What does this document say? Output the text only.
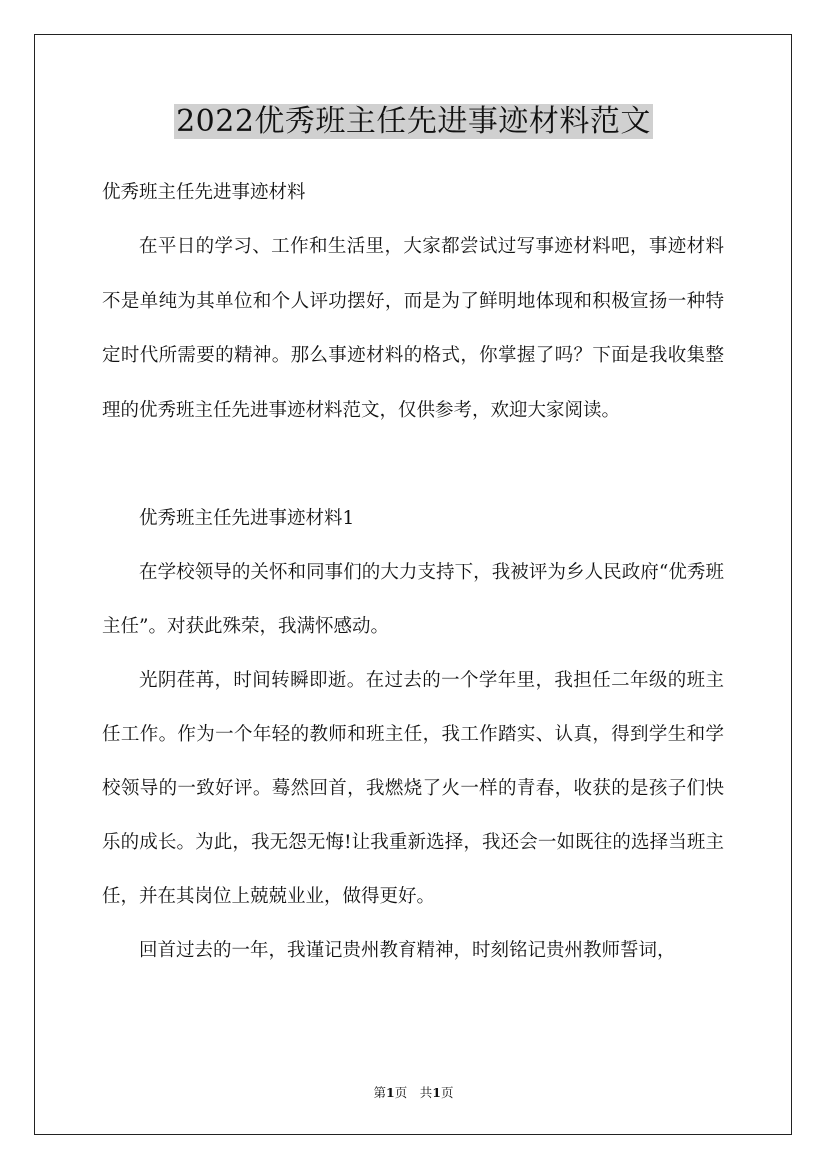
2022优秀班主任先进事迹材料范文

优秀班主任先进事迹材料

在平日的学习、工作和生活里，大家都尝试过写事迹材料吧，事迹材料不是单纯为其单位和个人评功摆好，而是为了鲜明地体现和积极宣扬一种特定时代所需要的精神。那么事迹材料的格式，你掌握了吗？下面是我收集整理的优秀班主任先进事迹材料范文，仅供参考，欢迎大家阅读。

优秀班主任先进事迹材料1

在学校领导的关怀和同事们的大力支持下，我被评为乡人民政府“优秀班主任”。对获此殊荣，我满怀感动。

光阴荏苒，时间转瞬即逝。在过去的一个学年里，我担任二年级的班主任工作。作为一个年轻的教师和班主任，我工作踏实、认真，得到学生和学校领导的一致好评。蓦然回首，我燃烧了火一样的青春，收获的是孩子们快乐的成长。为此，我无怨无悔!让我重新选择，我还会一如既往的选择当班主任，并在其岗位上兢兢业业，做得更好。

回首过去的一年，我谨记贵州教育精神，时刻铭记贵州教师誓词，

第1页　共1页
